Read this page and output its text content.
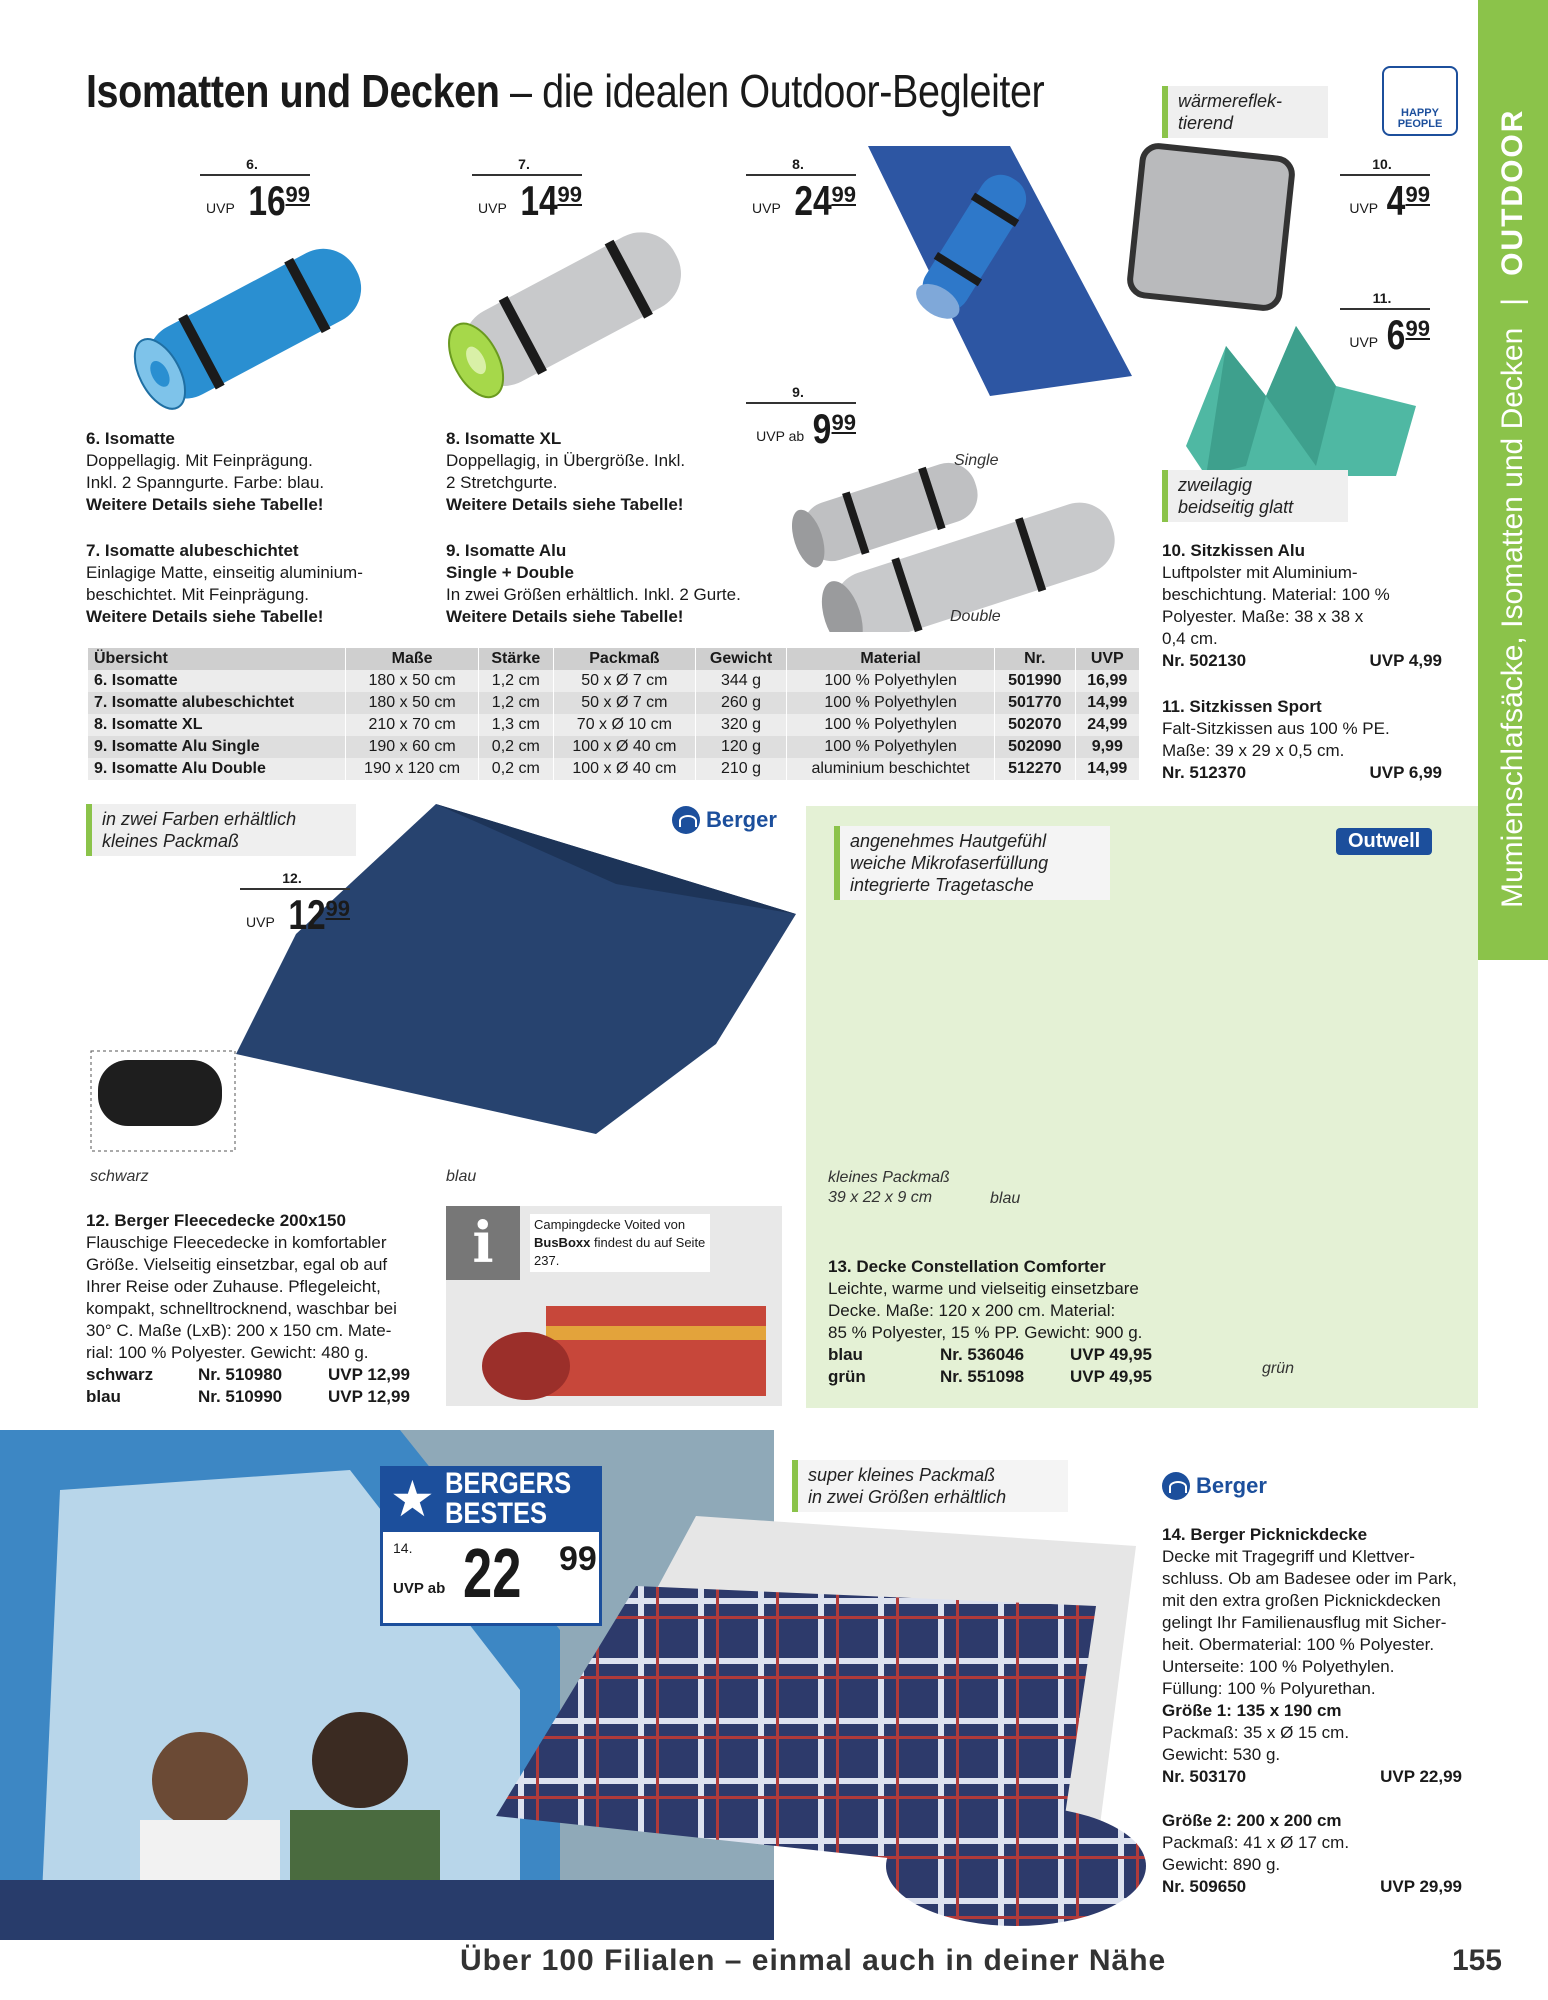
Isomatten und Decken – die idealen Outdoor-Begleiter
Mumienschlafsäcke, Isomatten und Decken
|
OUTDOOR
i	Campingdecke Voited von BusBoxx findest du auf Seite 237.
HAPPY PEOPLE
6.
UVP 16 99
7.
UVP 14 99
8.
UVP 24 99
9.
UVP ab 9 99
10.
UVP 4 99
11.
UVP 6 99
12.
UVP 12 99
wärmereflek-
tierend
zweilagig
beidseitig glatt
in zwei Farben erhältlich
kleines Packmaß	angenehmes Hautgefühl
weiche Mikrofaserfüllung
integrierte Tragetasche
super kleines Packmaß
in zwei Größen erhältlich
Berger
Outwell
Berger
Single
Double
schwarz	blau	kleines Packmaß
39 x 22 x 9 cm	blau
grün
6. Isomatte
Doppellagig. Mit Feinprägung.
Inkl. 2 Spanngurte. Farbe: blau.
Weitere Details siehe Tabelle!
7. Isomatte alubeschichtet
Einlagige Matte, einseitig aluminium-
beschichtet. Mit Feinprägung.
Weitere Details siehe Tabelle!
8. Isomatte XL
Doppellagig, in Übergröße. Inkl.
2 Stretchgurte.
Weitere Details siehe Tabelle!
9. Isomatte Alu
Single + Double
In zwei Größen erhältlich. Inkl. 2 Gurte.
Weitere Details siehe Tabelle!
10. Sitzkissen Alu
Luftpolster mit Aluminium-
beschichtung. Material: 100 %
Polyester. Maße: 38 x 38 x
0,4 cm.
Nr. 502130	UVP 4,99
11. Sitzkissen Sport
Falt-Sitzkissen aus 100 % PE.
Maße: 39 x 29 x 0,5 cm.
Nr. 512370	UVP 6,99
Übersicht	Maße	Stärke	Packmaß	Gewicht	Material	Nr.	UVP
6. Isomatte	180 x 50 cm	1,2 cm	50 x Ø 7 cm	344 g	100 % Polyethylen	501990	16,99
7. Isomatte alubeschichtet	180 x 50 cm	1,2 cm	50 x Ø 7 cm	260 g	100 % Polyethylen	501770	14,99
8. Isomatte XL	210 x 70 cm	1,3 cm	70 x Ø 10 cm	320 g	100 % Polyethylen	502070	24,99
9. Isomatte Alu Single	190 x 60 cm	0,2 cm	100 x Ø 40 cm	120 g	100 % Polyethylen	502090	9,99
9. Isomatte Alu Double	190 x 120 cm	0,2 cm	100 x Ø 40 cm	210 g	aluminium beschichtet	512270	14,99
12. Berger Fleecedecke 200x150
Flauschige Fleecedecke in komfortabler
Größe. Vielseitig einsetzbar, egal ob auf
Ihrer Reise oder Zuhause. Pflegeleicht,
kompakt, schnelltrocknend, waschbar bei
30° C. Maße (LxB): 200 x 150 cm. Mate-
rial: 100 % Polyester. Gewicht: 480 g.
schwarz	Nr. 510980	UVP 12,99
blau	Nr. 510990	UVP 12,99
13. Decke Constellation Comforter
Leichte, warme und vielseitig einsetzbare
Decke. Maße: 120 x 200 cm. Material:
85 % Polyester, 15 % PP. Gewicht: 900 g.
blau	Nr. 536046	UVP 49,95
grün	Nr. 551098	UVP 49,95
★ BERGERS
BESTES
14.
UVP ab 22 99
14. Berger Picknickdecke
Decke mit Tragegriff und Klettver-
schluss. Ob am Badesee oder im Park,
mit den extra großen Picknickdecken
gelingt Ihr Familienausflug mit Sicher-
heit. Obermaterial: 100 % Polyester.
Unterseite: 100 % Polyethylen.
Füllung: 100 % Polyurethan.
Größe 1: 135 x 190 cm
Packmaß: 35 x Ø 15 cm.
Gewicht: 530 g.
Nr. 503170	UVP 22,99
Größe 2: 200 x 200 cm
Packmaß: 41 x Ø 17 cm.
Gewicht: 890 g.
Nr. 509650	UVP 29,99
Über 100 Filialen – einmal auch in deiner Nähe	155
